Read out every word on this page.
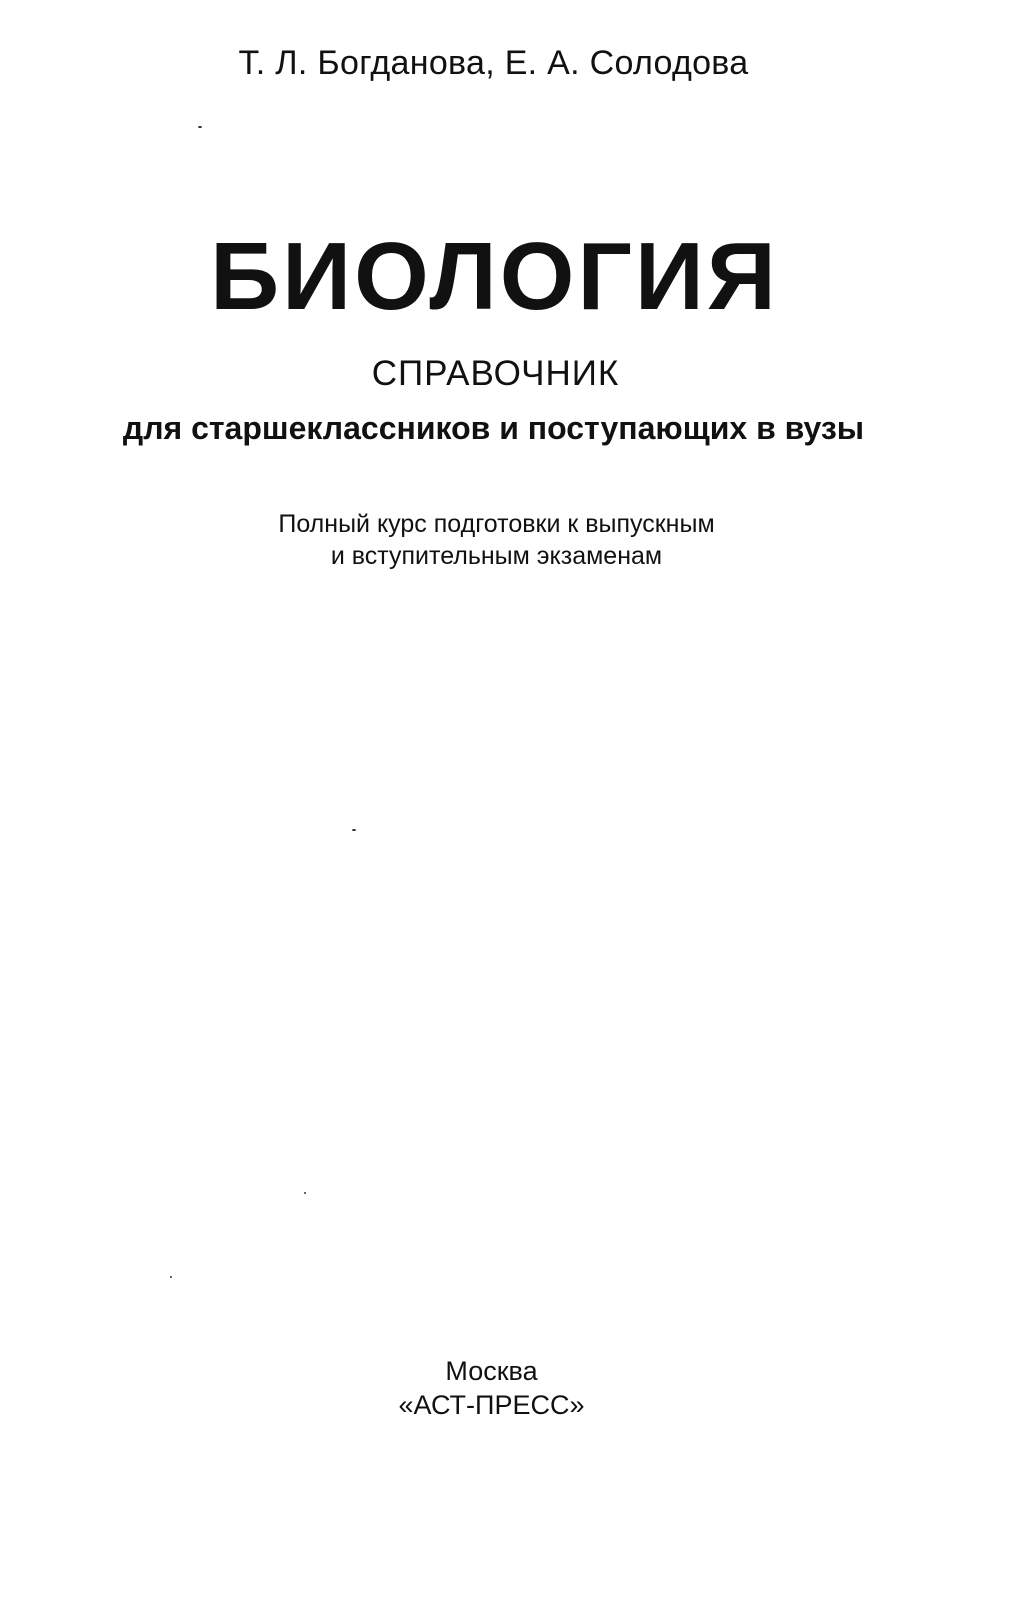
Т. Л. Богданова, Е. А. Солодова
БИОЛОГИЯ
СПРАВОЧНИК
для старшеклассников и поступающих в вузы
Полный курс подготовки к выпускным
и вступительным экзаменам
Москва
«АСТ-ПРЕСС»
